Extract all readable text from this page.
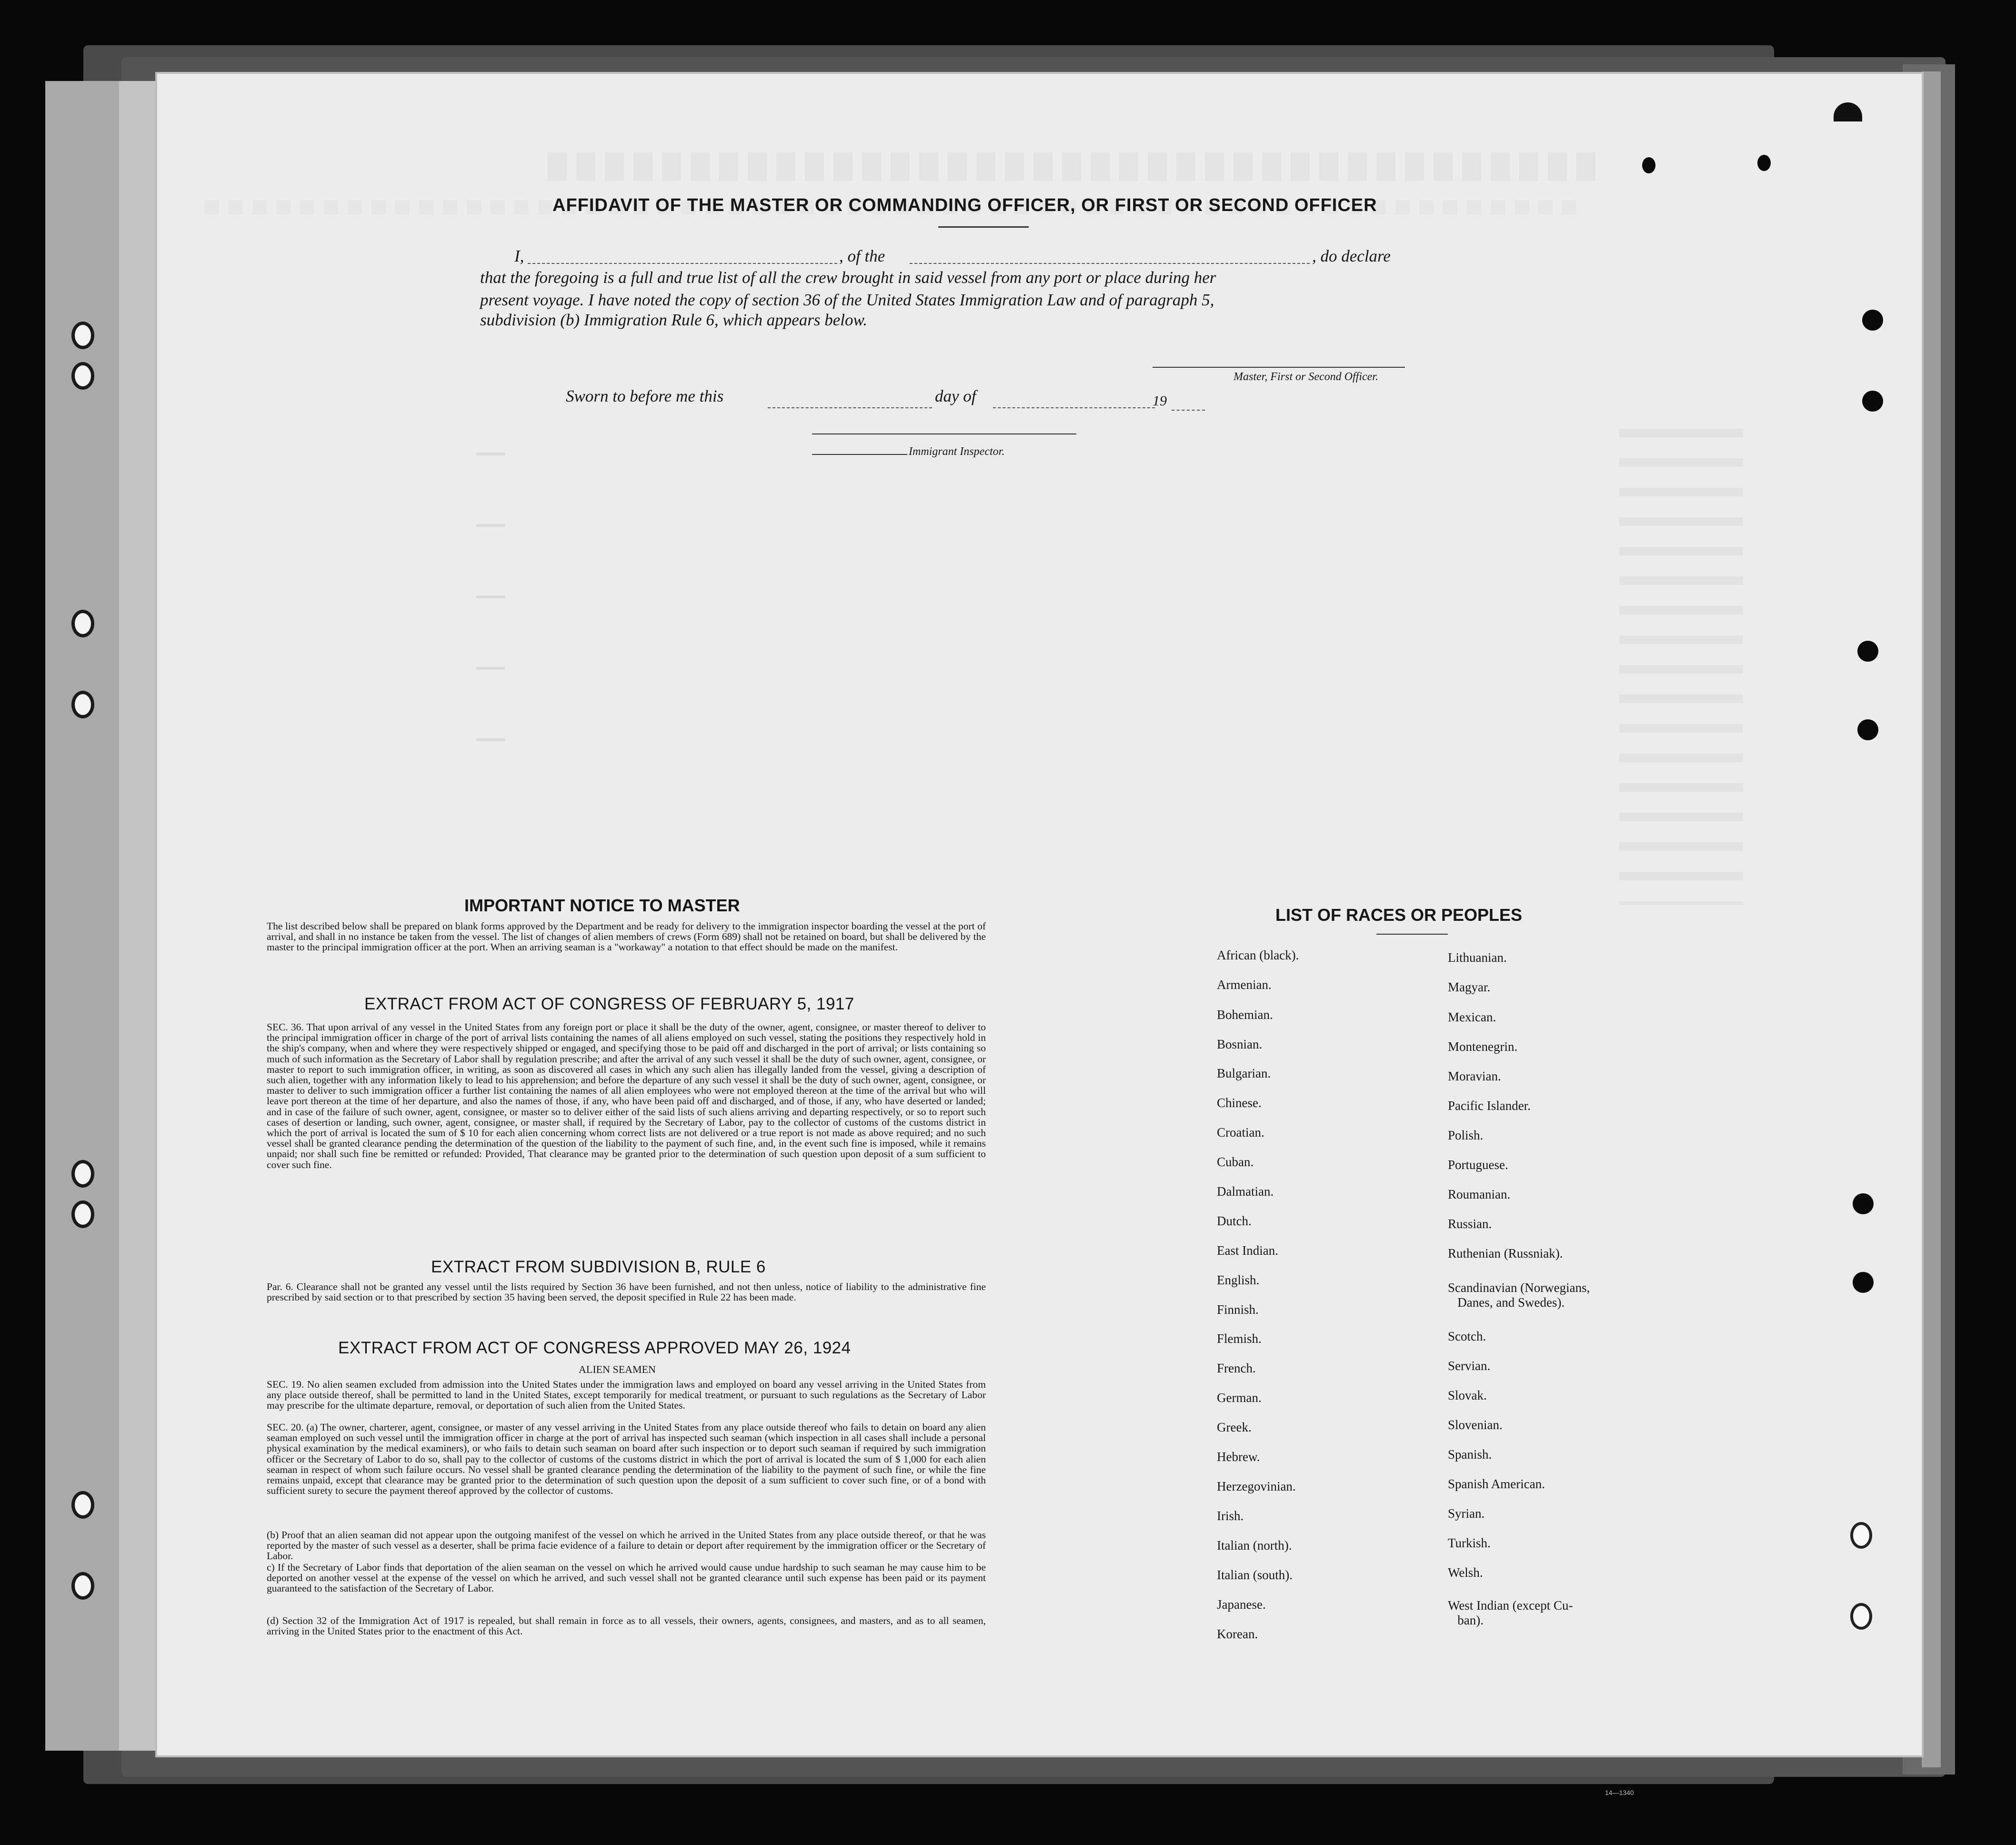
AFFIDAVIT OF THE MASTER OR COMMANDING OFFICER, OR FIRST OR SECOND OFFICER
I,	, of the	, do declare
that the foregoing is a full and true list of all the crew brought in said vessel from any port or place during her
present voyage. I have noted the copy of section 36 of the United States Immigration Law and of paragraph 5,
subdivision (b) Immigration Rule 6, which appears below.
Master, First or Second Officer.
Sworn to before me this	day of	19
Immigrant Inspector.
IMPORTANT NOTICE TO MASTER
The list described below shall be prepared on blank forms approved by the Department and be ready for delivery to the immigration inspector boarding the vessel at the port of arrival, and shall in no instance be taken from the vessel. The list of changes of alien members of crews (Form 689) shall not be retained on board, but shall be delivered by the master to the principal immigration officer at the port. When an arriving seaman is a "workaway" a notation to that effect should be made on the manifest.
EXTRACT FROM ACT OF CONGRESS OF FEBRUARY 5, 1917
SEC. 36. That upon arrival of any vessel in the United States from any foreign port or place it shall be the duty of the owner, agent, consignee, or master thereof to deliver to the principal immigration officer in charge of the port of arrival lists containing the names of all aliens employed on such vessel, stating the positions they respectively hold in the ship's company, when and where they were respectively shipped or engaged, and specifying those to be paid off and discharged in the port of arrival; or lists containing so much of such information as the Secretary of Labor shall by regulation prescribe; and after the arrival of any such vessel it shall be the duty of such owner, agent, consignee, or master to report to such immigration officer, in writing, as soon as discovered all cases in which any such alien has illegally landed from the vessel, giving a description of such alien, together with any information likely to lead to his apprehension; and before the departure of any such vessel it shall be the duty of such owner, agent, consignee, or master to deliver to such immigration officer a further list containing the names of all alien employees who were not employed thereon at the time of the arrival but who will leave port thereon at the time of her departure, and also the names of those, if any, who have been paid off and discharged, and of those, if any, who have deserted or landed; and in case of the failure of such owner, agent, consignee, or master so to deliver either of the said lists of such aliens arriving and departing respectively, or so to report such cases of desertion or landing, such owner, agent, consignee, or master shall, if required by the Secretary of Labor, pay to the collector of customs of the customs district in which the port of arrival is located the sum of $ 10 for each alien concerning whom correct lists are not delivered or a true report is not made as above required; and no such vessel shall be granted clearance pending the determination of the question of the liability to the payment of such fine, and, in the event such fine is imposed, while it remains unpaid; nor shall such fine be remitted or refunded: Provided, That clearance may be granted prior to the determination of such question upon deposit of a sum sufficient to cover such fine.
EXTRACT FROM SUBDIVISION B, RULE 6
Par. 6. Clearance shall not be granted any vessel until the lists required by Section 36 have been furnished, and not then unless, notice of liability to the administrative fine prescribed by said section or to that prescribed by section 35 having been served, the deposit specified in Rule 22 has been made.
EXTRACT FROM ACT OF CONGRESS APPROVED MAY 26, 1924
ALIEN SEAMEN
SEC. 19. No alien seamen excluded from admission into the United States under the immigration laws and employed on board any vessel arriving in the United States from any place outside thereof, shall be permitted to land in the United States, except temporarily for medical treatment, or pursuant to such regulations as the Secretary of Labor may prescribe for the ultimate departure, removal, or deportation of such alien from the United States.
SEC. 20. (a) The owner, charterer, agent, consignee, or master of any vessel arriving in the United States from any place outside thereof who fails to detain on board any alien seaman employed on such vessel until the immigration officer in charge at the port of arrival has inspected such seaman (which inspection in all cases shall include a personal physical examination by the medical examiners), or who fails to detain such seaman on board after such inspection or to deport such seaman if required by such immigration officer or the Secretary of Labor to do so, shall pay to the collector of customs of the customs district in which the port of arrival is located the sum of $ 1,000 for each alien seaman in respect of whom such failure occurs. No vessel shall be granted clearance pending the determination of the liability to the payment of such fine, or while the fine remains unpaid, except that clearance may be granted prior to the determination of such question upon the deposit of a sum sufficient to cover such fine, or of a bond with sufficient surety to secure the payment thereof approved by the collector of customs.
(b) Proof that an alien seaman did not appear upon the outgoing manifest of the vessel on which he arrived in the United States from any place outside thereof, or that he was reported by the master of such vessel as a deserter, shall be prima facie evidence of a failure to detain or deport after requirement by the immigration officer or the Secretary of Labor.
c) If the Secretary of Labor finds that deportation of the alien seaman on the vessel on which he arrived would cause undue hardship to such seaman he may cause him to be deported on another vessel at the expense of the vessel on which he arrived, and such vessel shall not be granted clearance until such expense has been paid or its payment guaranteed to the satisfaction of the Secretary of Labor.
(d) Section 32 of the Immigration Act of 1917 is repealed, but shall remain in force as to all vessels, their owners, agents, consignees, and masters, and as to all seamen, arriving in the United States prior to the enactment of this Act.
LIST OF RACES OR PEOPLES
African (black).
Armenian.
Bohemian.
Bosnian.
Bulgarian.
Chinese.
Croatian.
Cuban.
Dalmatian.
Dutch.
East Indian.
English.
Finnish.
Flemish.
French.
German.
Greek.
Hebrew.
Herzegovinian.
Irish.
Italian (north).
Italian (south).
Japanese.
Korean.
Lithuanian.
Magyar.
Mexican.
Montenegrin.
Moravian.
Pacific Islander.
Polish.
Portuguese.
Roumanian.
Russian.
Ruthenian (Russniak).
Scandinavian (Norwegians,
Danes, and Swedes).
Scotch.
Servian.
Slovak.
Slovenian.
Spanish.
Spanish American.
Syrian.
Turkish.
Welsh.
West Indian (except Cu-
ban).
14—1340
